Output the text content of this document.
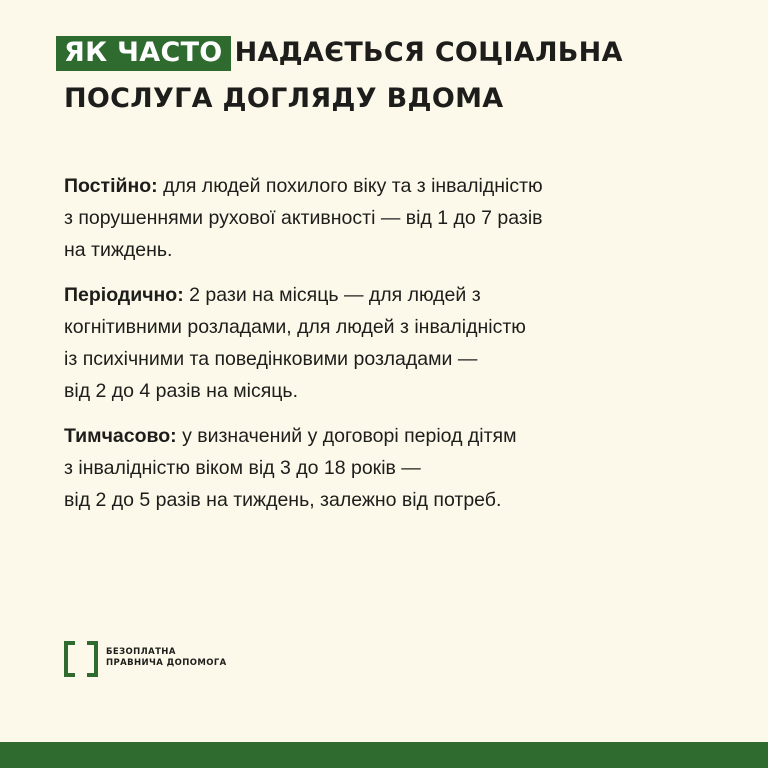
ЯК ЧАСТО НАДАЄТЬСЯ СОЦІАЛЬНА
ПОСЛУГА ДОГЛЯДУ ВДОМА
Постійно: для людей похилого віку та з інвалідністю
з порушеннями рухової активності — від 1 до 7 разів
на тиждень.
Періодично: 2 рази на місяць — для людей з
когнітивними розладами, для людей з інвалідністю
із психічними та поведінковими розладами —
від 2 до 4 разів на місяць.
Тимчасово: у визначений у договорі період дітям
з інвалідністю віком від 3 до 18 років —
від 2 до 5 разів на тиждень, залежно від потреб.
БЕЗОПЛАТНА
ПРАВНИЧА ДОПОМОГА
